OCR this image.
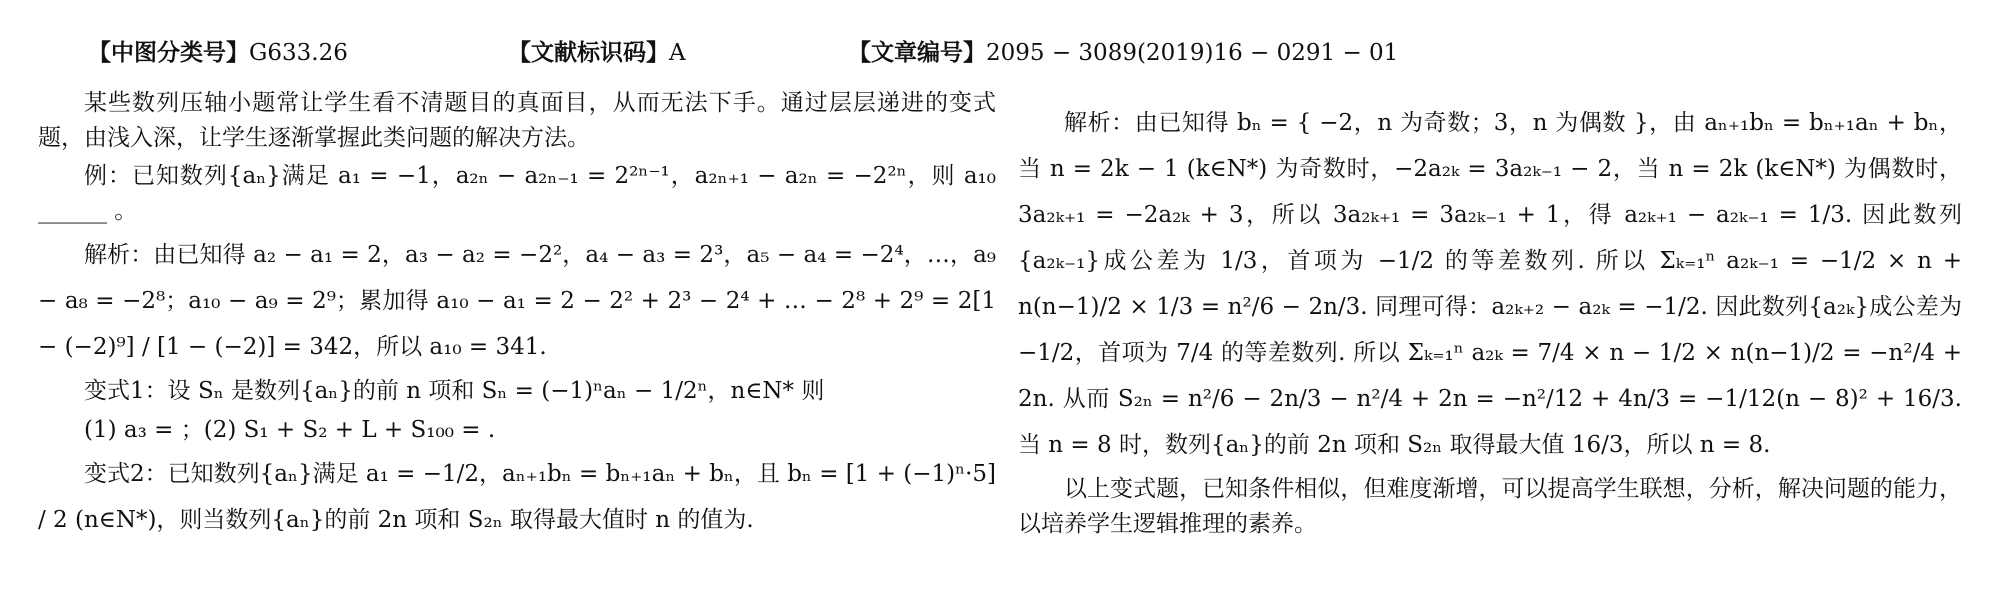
【中图分类号】G633.26	【文献标识码】A	【文章编号】2095 − 3089(2019)16 − 0291 − 01

某些数列压轴小题常让学生看不清题目的真面目，从而无法下手。通过层层递进的变式题，由浅入深，让学生逐渐掌握此类问题的解决方法。

例：已知数列{aₙ}满足 a₁ = −1，a₂ₙ − a₂ₙ₋₁ = 2²ⁿ⁻¹，a₂ₙ₊₁ − a₂ₙ = −2²ⁿ，则 a₁₀ ______ 。

解析：由已知得 a₂ − a₁ = 2，a₃ − a₂ = −2²，a₄ − a₃ = 2³，a₅ − a₄ = −2⁴，…，a₉ − a₈ = −2⁸；a₁₀ − a₉ = 2⁹；累加得 a₁₀ − a₁ = 2 − 2² + 2³ − 2⁴ + … − 2⁸ + 2⁹ = 2[1 − (−2)⁹] / [1 − (−2)] = 342，所以 a₁₀ = 341.

变式1：设 Sₙ 是数列{aₙ}的前 n 项和 Sₙ = (−1)ⁿaₙ − 1/2ⁿ，n∈N* 则

(1) a₃ = ；(2) S₁ + S₂ + L + S₁₀₀ = .

变式2：已知数列{aₙ}满足 a₁ = −1/2，aₙ₊₁bₙ = bₙ₊₁aₙ + bₙ，且 bₙ = [1 + (−1)ⁿ·5] / 2 (n∈N*)，则当数列{aₙ}的前 2n 项和 S₂ₙ 取得最大值时 n 的值为.

解析：由已知得 bₙ = { −2，n 为奇数；3，n 为偶数 }，由 aₙ₊₁bₙ = bₙ₊₁aₙ + bₙ，当 n = 2k − 1 (k∈N*) 为奇数时，−2a₂ₖ = 3a₂ₖ₋₁ − 2，当 n = 2k (k∈N*) 为偶数时，3a₂ₖ₊₁ = −2a₂ₖ + 3，所以 3a₂ₖ₊₁ = 3a₂ₖ₋₁ + 1，得 a₂ₖ₊₁ − a₂ₖ₋₁ = 1/3. 因此数列{a₂ₖ₋₁}成公差为 1/3，首项为 −1/2 的等差数列. 所以 Σₖ₌₁ⁿ a₂ₖ₋₁ = −1/2 × n + n(n−1)/2 × 1/3 = n²/6 − 2n/3. 同理可得：a₂ₖ₊₂ − a₂ₖ = −1/2. 因此数列{a₂ₖ}成公差为 −1/2，首项为 7/4 的等差数列. 所以 Σₖ₌₁ⁿ a₂ₖ = 7/4 × n − 1/2 × n(n−1)/2 = −n²/4 + 2n. 从而 S₂ₙ = n²/6 − 2n/3 − n²/4 + 2n = −n²/12 + 4n/3 = −1/12(n − 8)² + 16/3. 当 n = 8 时，数列{aₙ}的前 2n 项和 S₂ₙ 取得最大值 16/3，所以 n = 8.

以上变式题，已知条件相似，但难度渐增，可以提高学生联想，分析，解决问题的能力，以培养学生逻辑推理的素养。
